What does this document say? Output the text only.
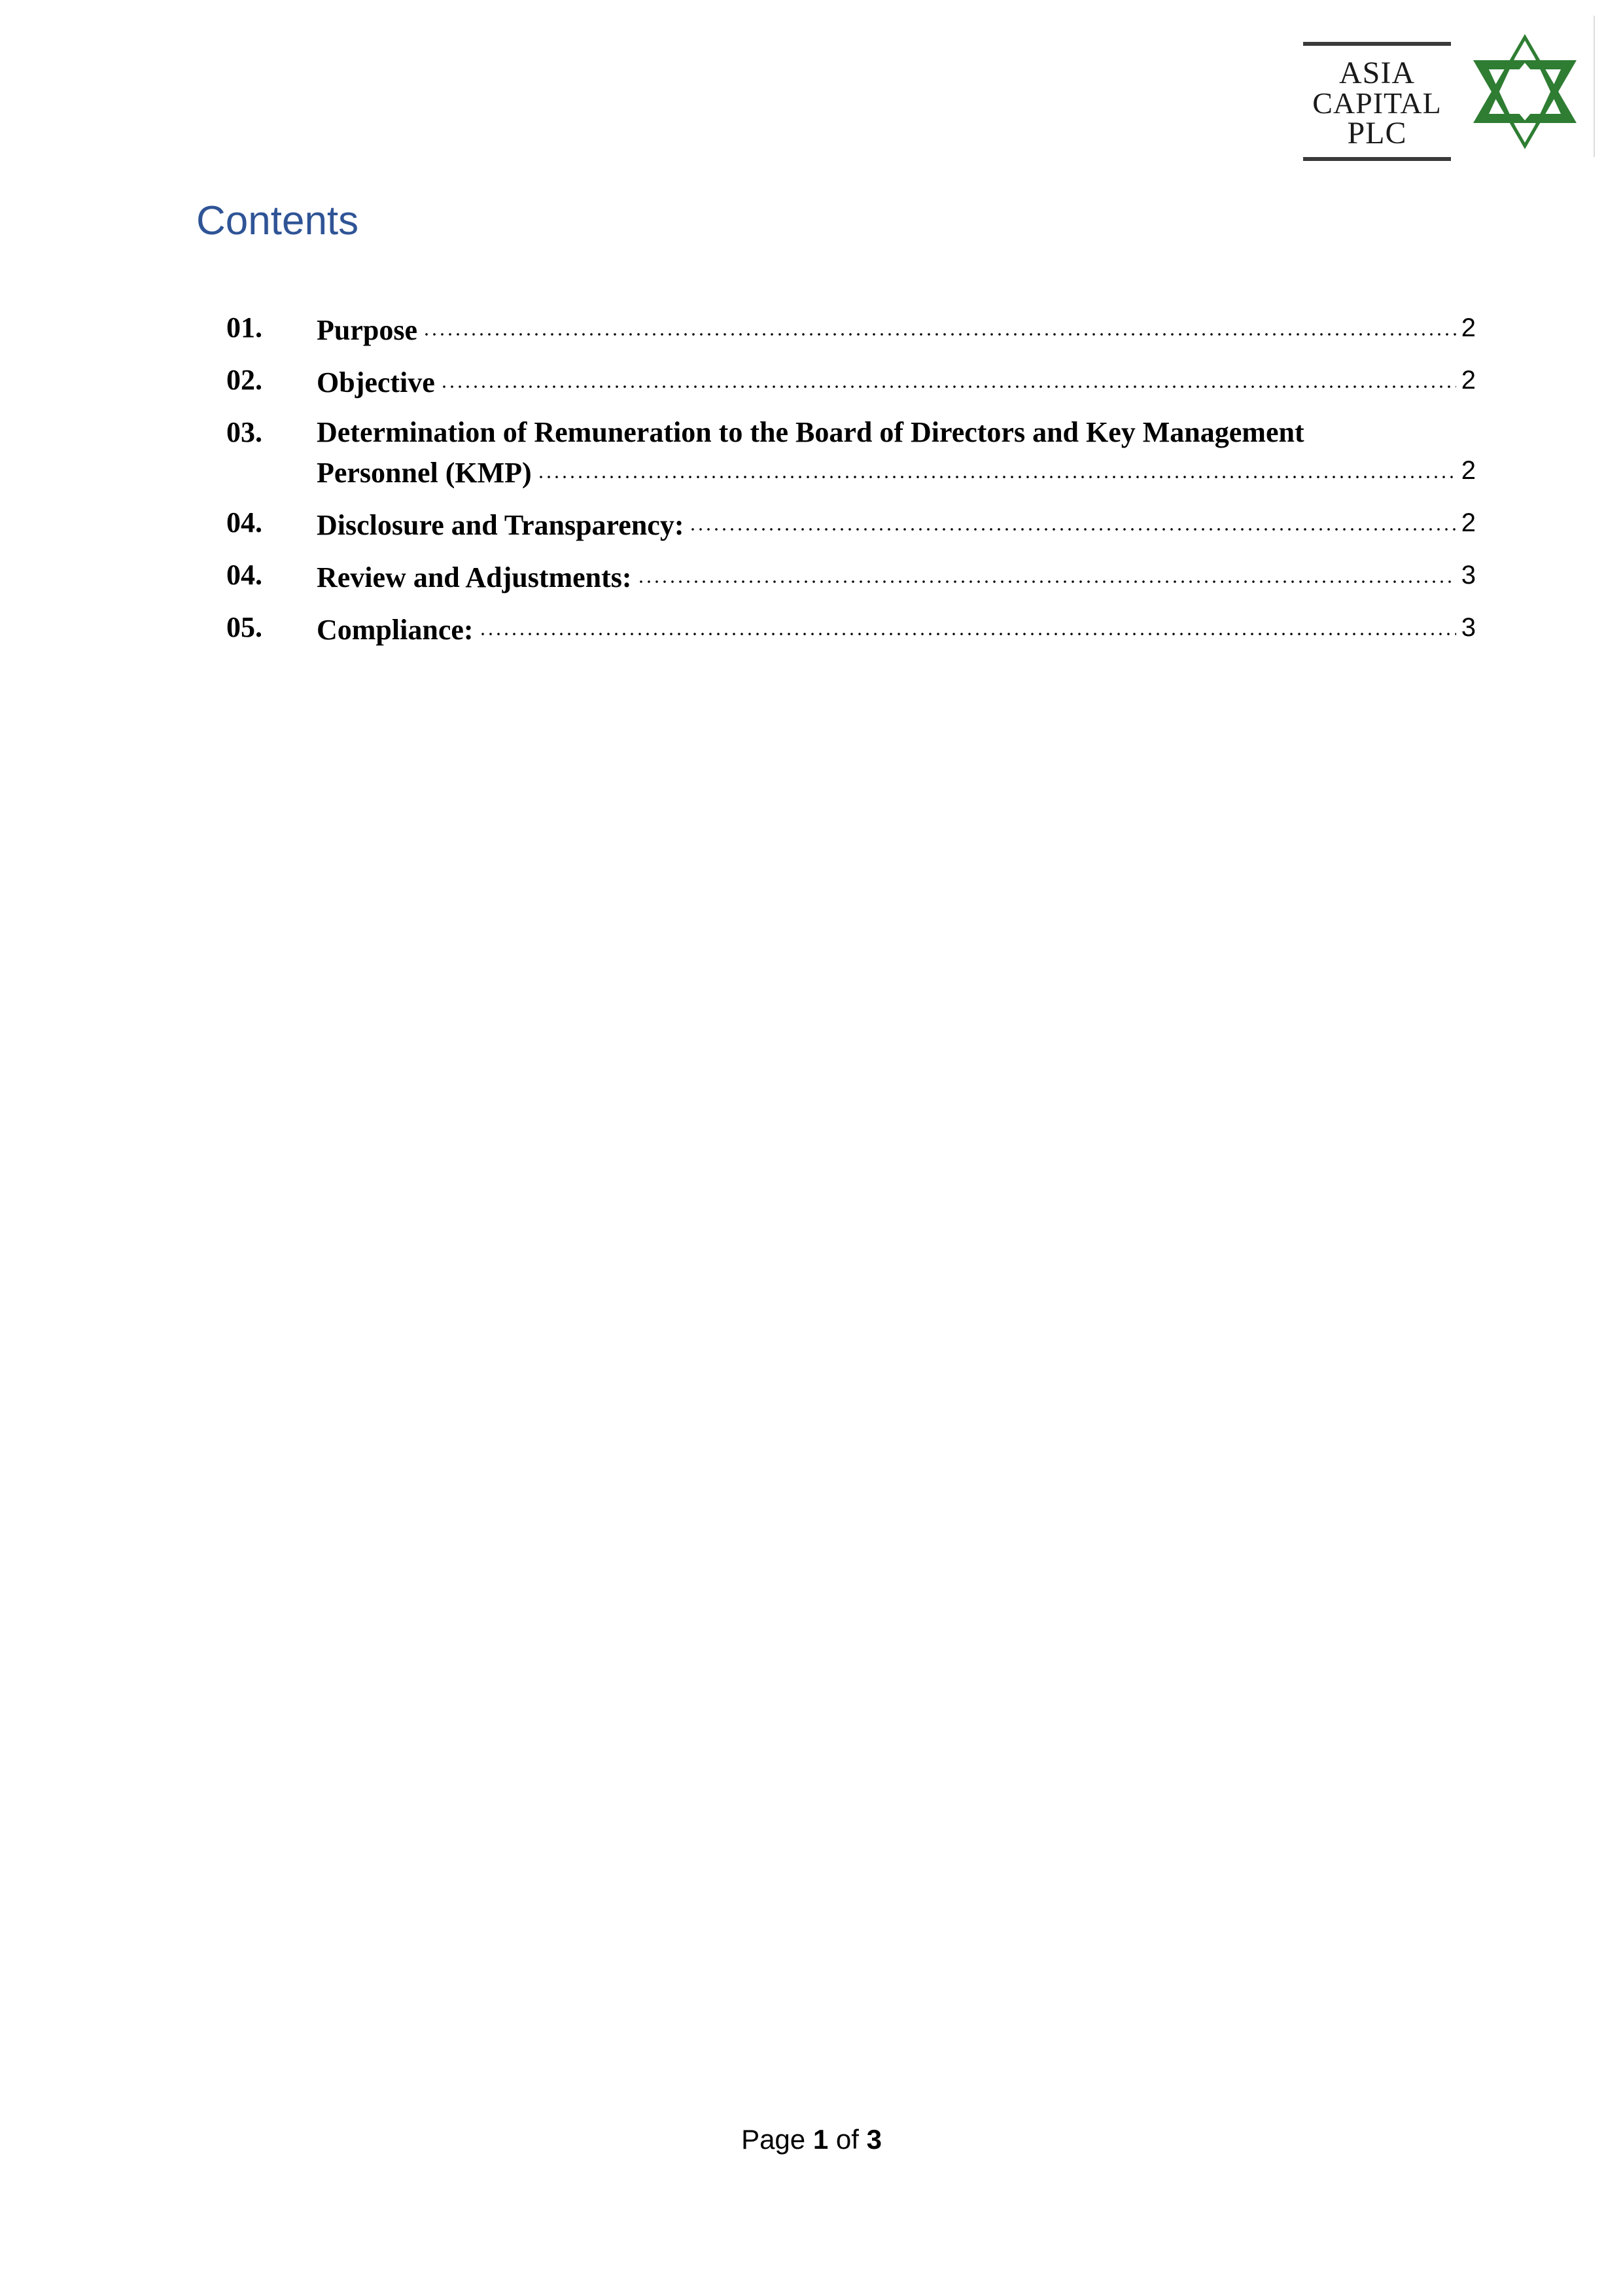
ASIA
CAPITAL
PLC
Contents
01. Purpose	2
02. Objective	2
03. Determination of Remuneration to the Board of Directors and Key Management
Personnel (KMP)	2
04. Disclosure and Transparency:	2
04. Review and Adjustments:	3
05. Compliance:	3
Page 1 of 3
